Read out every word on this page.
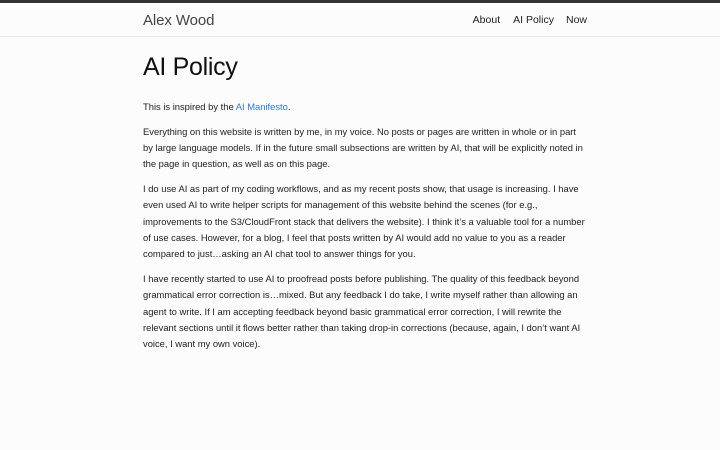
Alex Wood	About AI Policy Now
AI Policy

This is inspired by the AI Manifesto.

Everything on this website is written by me, in my voice. No posts or pages are written in whole or in part by large language models. If in the future small subsections are written by AI, that will be explicitly noted in the page in question, as well as on this page.

I do use AI as part of my coding workflows, and as my recent posts show, that usage is increasing. I have even used AI to write helper scripts for management of this website behind the scenes (for e.g., improvements to the S3/CloudFront stack that delivers the website). I think it’s a valuable tool for a number of use cases. However, for a blog, I feel that posts written by AI would add no value to you as a reader compared to just…asking an AI chat tool to answer things for you.

I have recently started to use AI to proofread posts before publishing. The quality of this feedback beyond grammatical error correction is…mixed. But any feedback I do take, I write myself rather than allowing an agent to write. If I am accepting feedback beyond basic grammatical error correction, I will rewrite the relevant sections until it flows better rather than taking drop-in corrections (because, again, I don’t want AI voice, I want my own voice).
